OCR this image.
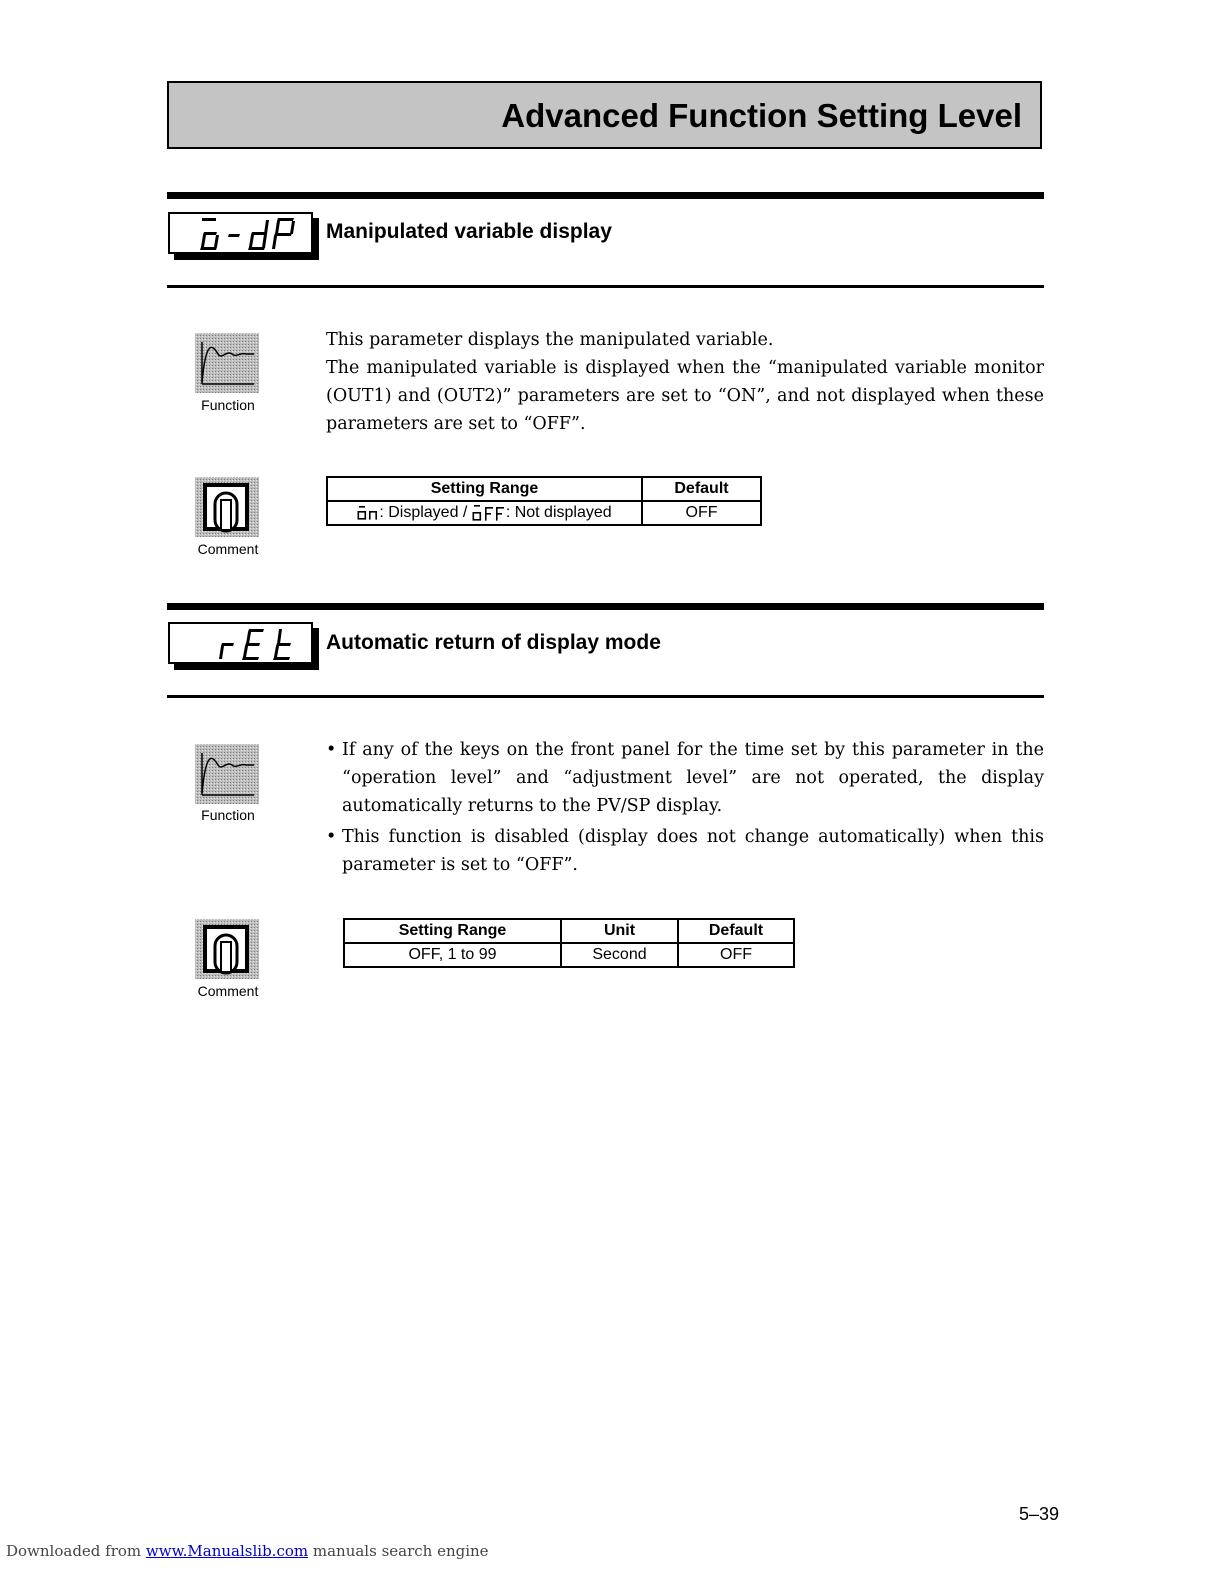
Advanced Function Setting Level
Manipulated variable display
Function
This parameter displays the manipulated variable.
The manipulated variable is displayed when the “manipulated variable monitor (OUT1) and (OUT2)” parameters are set to “ON”, and not displayed when these parameters are set to “OFF”.
Comment
Setting Range	Default
: Displayed / : Not displayed	OFF
Automatic return of display mode
Function
• If any of the keys on the front panel for the time set by this parameter in the “operation level” and “adjustment level” are not operated, the display automatically returns to the PV/SP display.
• This function is disabled (display does not change automatically) when this parameter is set to “OFF”.
Comment
Setting Range	Unit	Default
OFF, 1 to 99	Second	OFF
5–39
Downloaded from www.Manualslib.com manuals search engine
